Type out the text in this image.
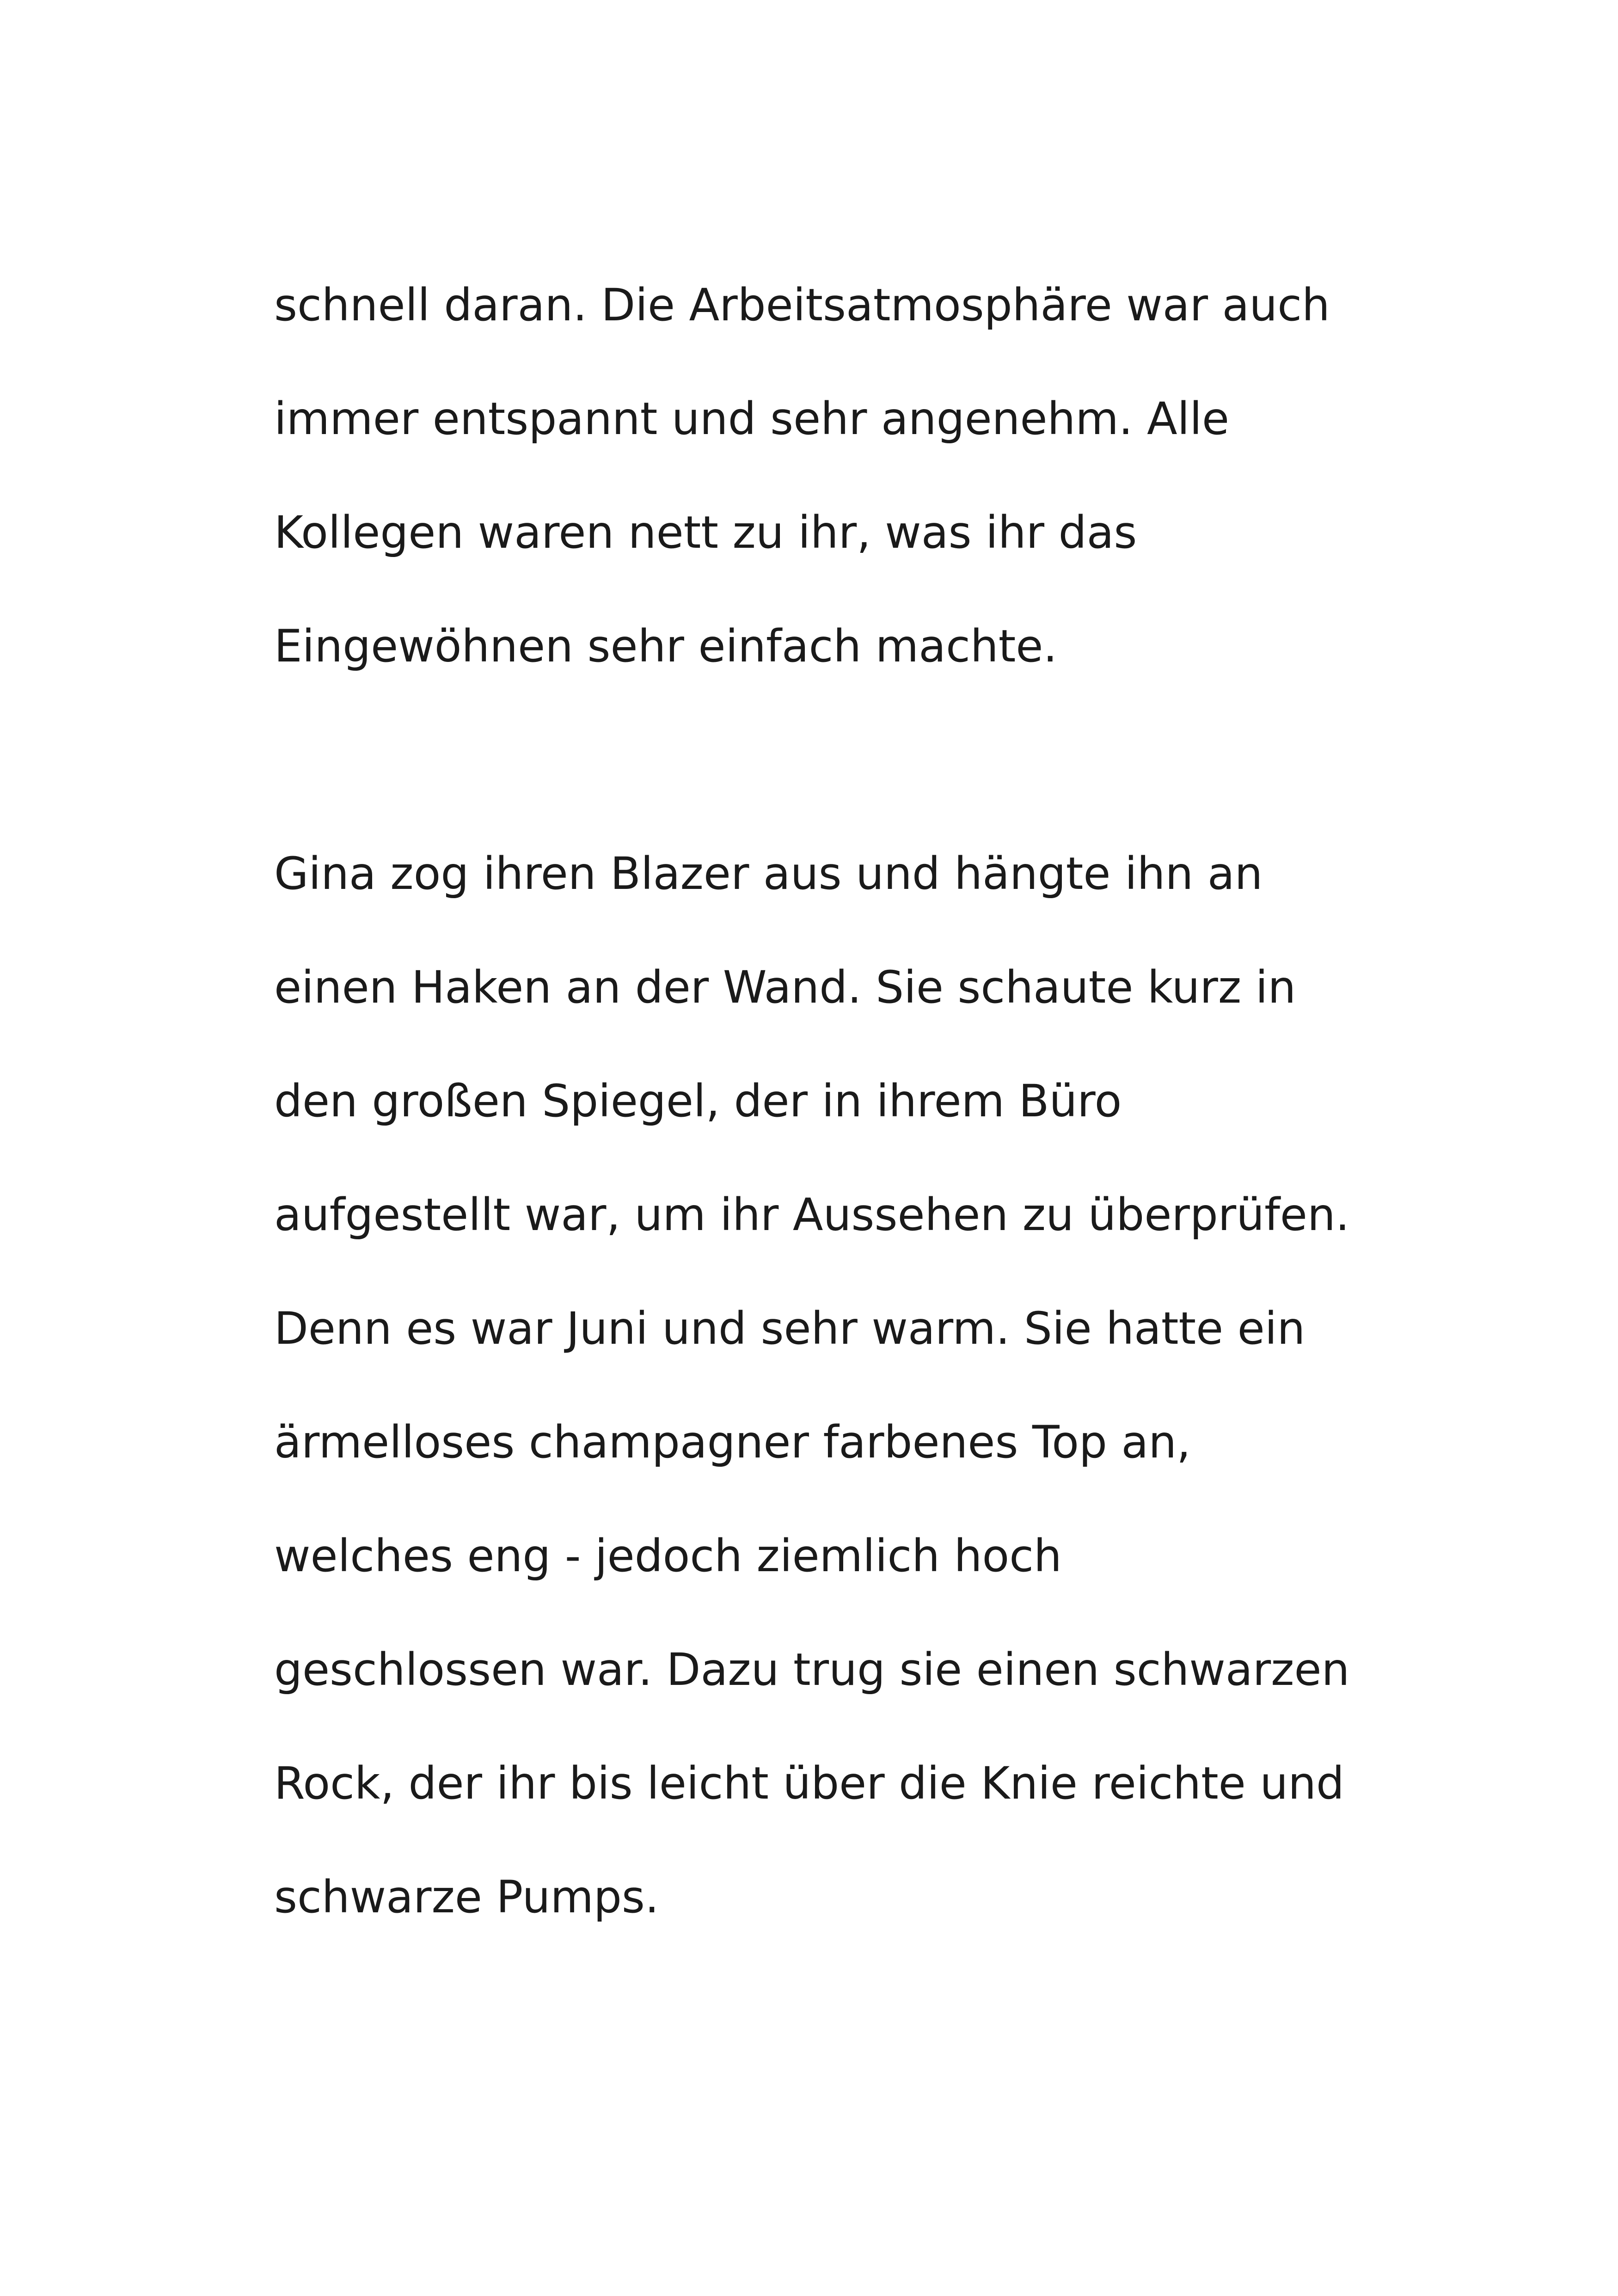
schnell daran. Die Arbeitsatmosphäre war auch
immer entspannt und sehr angenehm. Alle
Kollegen waren nett zu ihr, was ihr das
Eingewöhnen sehr einfach machte.
Gina zog ihren Blazer aus und hängte ihn an
einen Haken an der Wand. Sie schaute kurz in
den großen Spiegel, der in ihrem Büro
aufgestellt war, um ihr Aussehen zu überprüfen.
Denn es war Juni und sehr warm. Sie hatte ein
ärmelloses champagner farbenes Top an,
welches eng - jedoch ziemlich hoch
geschlossen war. Dazu trug sie einen schwarzen
Rock, der ihr bis leicht über die Knie reichte und
schwarze Pumps.
